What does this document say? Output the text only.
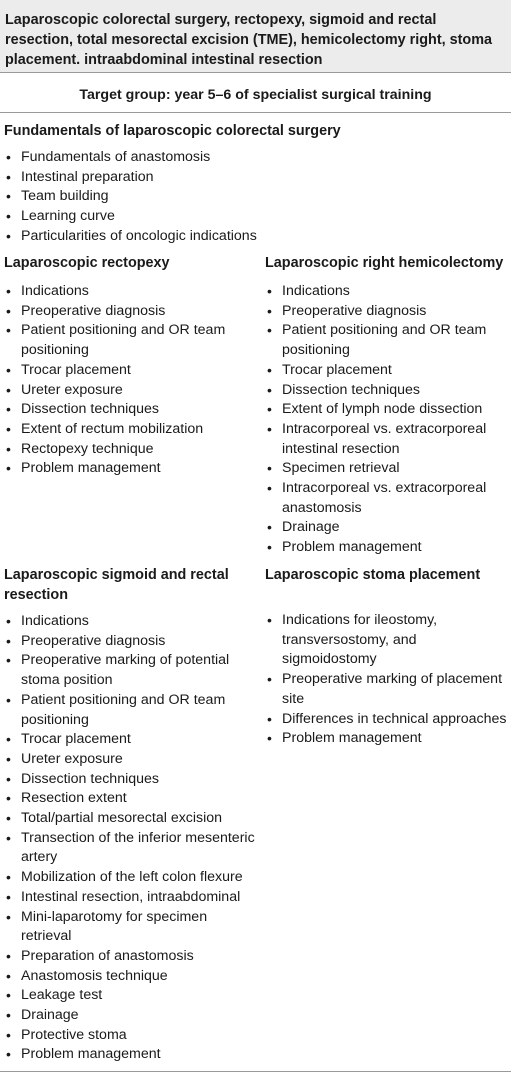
Laparoscopic colorectal surgery, rectopexy, sigmoid and rectal resection, total mesorectal excision (TME), hemicolectomy right, stoma placement. intraabdominal intestinal resection

Target group: year 5–6 of specialist surgical training

Fundamentals of laparoscopic colorectal surgery
• Fundamentals of anastomosis
• Intestinal preparation
• Team building
• Learning curve
• Particularities of oncologic indications
Laparoscopic rectopexy
• Indications
• Preoperative diagnosis
• Patient positioning and OR team positioning
• Trocar placement
• Ureter exposure
• Dissection techniques
• Extent of rectum mobilization
• Rectopexy technique
• Problem management
Laparoscopic right hemicolectomy
• Indications
• Preoperative diagnosis
• Patient positioning and OR team positioning
• Trocar placement
• Dissection techniques
• Extent of lymph node dissection
• Intracorporeal vs. extracorporeal intestinal resection
• Specimen retrieval
• Intracorporeal vs. extracorporeal anastomosis
• Drainage
• Problem management
Laparoscopic sigmoid and rectal resection
• Indications
• Preoperative diagnosis
• Preoperative marking of potential stoma position
• Patient positioning and OR team positioning
• Trocar placement
• Ureter exposure
• Dissection techniques
• Resection extent
• Total/partial mesorectal excision
• Transection of the inferior mesenteric artery
• Mobilization of the left colon flexure
• Intestinal resection, intraabdominal
• Mini-laparotomy for specimen retrieval
• Preparation of anastomosis
• Anastomosis technique
• Leakage test
• Drainage
• Protective stoma
• Problem management
Laparoscopic stoma placement
• Indications for ileostomy, transversostomy, and sigmoidostomy
• Preoperative marking of placement site
• Differences in technical approaches
• Problem management
